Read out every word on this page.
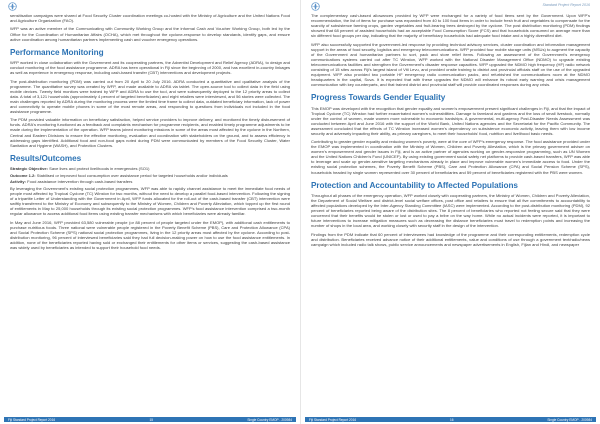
sensitisation campaigns were shared at Food Security Cluster coordination meetings co-hosted with the Ministry of Agriculture and the United Nations Food and Agriculture Organization (FAO).
WFP was an active member of the Communicating with Community Working Group and the informal Cash and Voucher Working Group, both led by the Office for the Coordination of Humanitarian Affairs (OCHA), which met throughout the cyclone-response to develop standards, identify gaps, and ensure active coordination among humanitarian partners implementing cash and voucher emergency operations.
Performance Monitoring
WFP worked in close collaboration with the Government and its cooperating partners, the Adventist Development and Relief Agency (ADRA), to design and conduct monitoring of the food assistance programme. ADRA has been operational in Fiji since the beginning of 2000, and has excellent in-country linkages as well as experience in emergency response, including cash-based transfer (CBT) interventions and development projects.
The post-distribution monitoring (PDM) was carried out from 20 April to 20 July 2016. ADRA conducted a quantitative and qualitative analysis of the programme. The quantitative survey was created by WFP, and made available to ADRA via tablet. The open-source tool to collect data in the field using mobile devices. Twenty field monitors were trained by WFP and ADRA to use the tool, and were subsequently deployed to the 12 priority areas to collect data. A total of 3,121 households (approximately 4 percent of targeted beneficiaries) and eight retailers were interviewed, and 56 stories were collected. The main challenges reported by ADRA during the monitoring process were the limited time frame to collect data, outdated beneficiary information, lack of power and connectivity to operate mobile phones in some of the most remote areas, and responding to questions from individuals not included in the food assistance programme.
The PDM provided valuable information on beneficiary satisfaction, helped service providers to improve delivery, and monitored the timely disbursement of funds. ADRA's monitoring functioned as a feedback and complaints mechanism for programme recipients, and enabled timely programme adjustments to be made during the implementation of the operation. WFP teams joined monitoring missions in some of the areas most affected by the cyclone in the Northern, Central and Eastern Divisions to ensure the effective monitoring, evaluation and coordination with stakeholders on the ground, and to assess efficiency in addressing gaps identified. Additional food and non-food gaps noted during PDM were communicated by members of the Food Security Cluster, Water Sanitation and Hygiene (WASH), and Protection Clusters.
Results/Outcomes
Strategic Objective: Save lives and protect livelihoods in emergencies (SO1)
Outcome 1.2: Stabilised or improved food consumption over assistance period for targeted households and/or individuals
Activity: Food assistance intervention through cash-based transfers
By leveraging the Government's existing social protection programmes, WFP was able to rapidly channel assistance to meet the immediate food needs of people most affected by Tropical Cyclone (TC) Winston for two months, without the need to develop a parallel food-based intervention. Following the signing of a tripartite Letter of Understanding with the Government in April, WFP funds allocated for the roll-out of the cash-based transfer (CBT) intervention were swiftly transferred to the Ministry of Economy and subsequently to the Ministry of Women, Children and Poverty Alleviation, which topped up the first round of entitlements in May to 25,000 households through its existing social protection programmes. WFP's food assistance intervention comprised a two-month regular allowance to access additional food items using existing transfer mechanisms with which beneficiaries were already familiar.
In May and June 2016, WFP provided 63,580 vulnerable people (or 88 percent of people targeted under the EMOP), with additional cash entitlements to purchase nutritious foods. Three national were vulnerable people registered in the Poverty Benefit Scheme (PBS), Care and Protection Allowance (CPA) and Social Protection Scheme (SPS) national social protection programmes, living in the 12 priority areas most affected by the cyclone. According to post-distribution monitoring, 96 percent of interviewed beneficiaries said they had full decision-making power on how to use the food assistance entitlements. In addition, none of the beneficiaries reported having sold or exchanged their entitlements for other items or services, suggesting the cash-based assistance was widely used by beneficiaries as intended to support their household food needs.
Fiji Standard Project Report 2016	15	Single Country EMOP - 200984
Standard Project Report 2016
The complementary cash-based allowances provided by WFP were exchanged for a variety of food items sent by the Government. Upon WFP's recommendation, the list of items for purchase was expanded from 40 to 100 food items in order to include fresh fruit and vegetables to compensate for the scarcity of subsistence farming crops, garden vegetables and fruit-bearing trees destroyed by the cyclone. The post distribution monitoring (PDM) findings showed that 68 percent of assisted households had an acceptable Food Consumption Score (FCS) and that households consumed on average more than six different food groups per day, indicating that the majority of beneficiary households had adequate food intake and a highly diversified diet.
WFP also successfully supported the government-led response by providing technical advisory services, cluster coordination and information management support in the areas of food security, logistics and emergency telecommunications. WFP provided four mobile storage units (MSUs) to augment the capacity of the Government and humanitarian partners to sort, pack and store relief items. Following an assessment of the Government's emergency communications systems carried out after TC Winston, WFP worked with the National Disaster Management Office (NDMO) to upgrade existing telecommunications facilities and strengthen the Government's disaster response capacities. WFP upgraded the NDMO high frequency (HF) radio network consisting of 15 sites across Fiji's largest island of Viti Levu, and provided onsite training to district and provincial officials staff on the use of the upgraded equipment. WFP also provided two portable HF emergency radio communication packs, and refurbished the communications room at the NDMO headquarters in the capital, Suva. It is expected that with these upgrades the NDMO will enhance its robust early warning and crisis management communication with key counterparts, and that trained district and provincial staff will provide coordinated responses during any crisis.
Progress Towards Gender Equality
This EMOP was developed with the recognition that gender equality and women's empowerment present significant challenges in Fiji, and that the impact of Tropical Cyclone (TC) Winston had further exacerbated women's vulnerabilities. Damage to farmland and gardens and the loss of small livestock, normally under the control of women, made women more vulnerable to economic hardships. A governmental, multi-agency Post-Disaster Needs Assessment was conducted between April and June 2016 with the support of the World Bank, United Nations agencies and the Secretariat for the Pacific Community. The assessment concluded that the effects of TC Winston increased women's dependency on subsistence economic activity, leaving them with low income security and adversely impacting their ability, as primary caregivers, to meet their households' food, nutrition and livelihood basic needs.
Contributing to greater gender equality and reducing women's poverty, were at the core of WFP's emergency response. The food assistance provided under the EMOP was implemented in coordination with the Ministry of Women, Children and Poverty Alleviation, which is the primary government adviser on women's empowerment and gender issues in Fiji, and is an active partner of agencies working on gender-responsive programming, such as UN Women and the United Nations Children's Fund (UNICEF). By using existing government social safety net platforms to provide cash-based transfers, WFP was able to leverage and scale up gender-sensitive targeting mechanisms already in place and improve vulnerable women's immediate access to food. Under the existing social protection schemes, the Poverty Benefit Scheme (PBS), Care and Protection Allowance (CPA) and Social Pension Scheme (SPS), households headed by single women represented over 30 percent of beneficiaries and 59 percent of beneficiaries registered with the PBS were women.
Protection and Accountability to Affected Populations
Throughout all phases of the emergency operation, WFP worked closely with cooperating partners, the Ministry of Women, Children and Poverty Alleviation, the Department of Social Welfare and district-level social welfare offices, post office and retailers to ensure that all five commitments to accountability to affected populations developed by the Inter-Agency Standing Committee (IASC) were implemented. According to the post-distribution monitoring (PDM), 92 percent of beneficiaries reported being aware of the distribution sites. The 8 percent of beneficiaries who reported not feeling secure said that they were concerned that their benefits would be stolen or lost or used to pay a bribe on the way home. While no actual incidents were reported, it is important to future interventions to increase mitigation measures such as decreasing the distance beneficiaries must travel to redemption points and increasing the number of shops in the local area, and working closely with security staff in the design of the intervention.
Findings from the PDM indicate that 60 percent of interviewees had knowledge of the programme and their corresponding entitlements, redemption cycle and distribution. Beneficiaries received advance notice of their additional entitlements, value and conditions of use through a government text/radio/news campaign which included radio talk shows, public service announcements and newspaper advertisements in English, Fijian and Hindi, and newspaper
Fiji Standard Project Report 2016	16	Single Country EMOP - 200984
